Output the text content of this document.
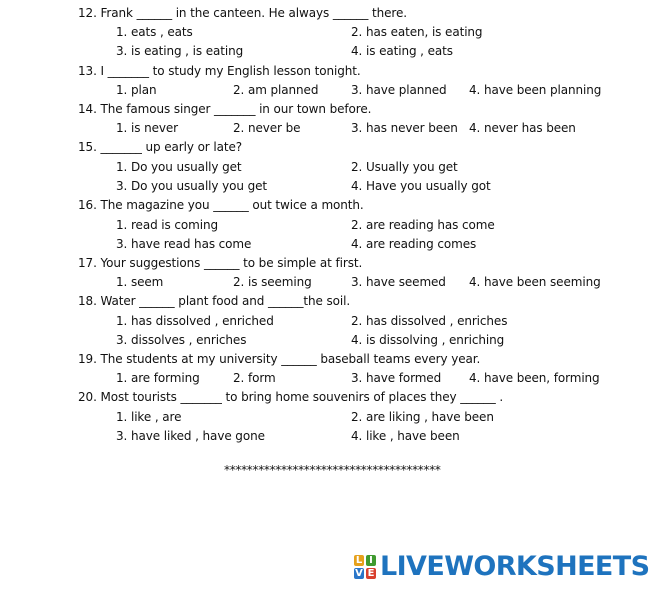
12. Frank ______ in the canteen. He always ______ there.
1. eats , eats	2. has eaten, is eating
3. is eating , is eating	4. is eating , eats
13. I _______ to study my English lesson tonight.
1. plan	2. am planned	3. have planned 4. have been planning
14. The famous singer _______ in our town before.
1. is never	2. never be	3. has never been 4. never has been
15. _______ up early or late?
1. Do you usually get	2. Usually you get
3. Do you usually you get	4. Have you usually got
16. The magazine you ______ out twice a month.
1. read is coming	2. are reading has come
3. have read has come	4. are reading comes
17. Your suggestions ______ to be simple at first.
1. seem	2. is seeming	3. have seemed 4. have been seeming
18. Water ______ plant food and ______the soil.
1. has dissolved , enriched	2. has dissolved , enriches
3. dissolves , enriches	4. is dissolving , enriching
19. The students at my university ______ baseball teams every year.
1. are forming	2. form	3. have formed 4. have been, forming
20. Most tourists _______ to bring home souvenirs of places they ______ .
1. like , are	2. are liking , have been
3. have liked , have gone	4. like , have been
**************************************
L I
V E LIVEWORKSHEETS
